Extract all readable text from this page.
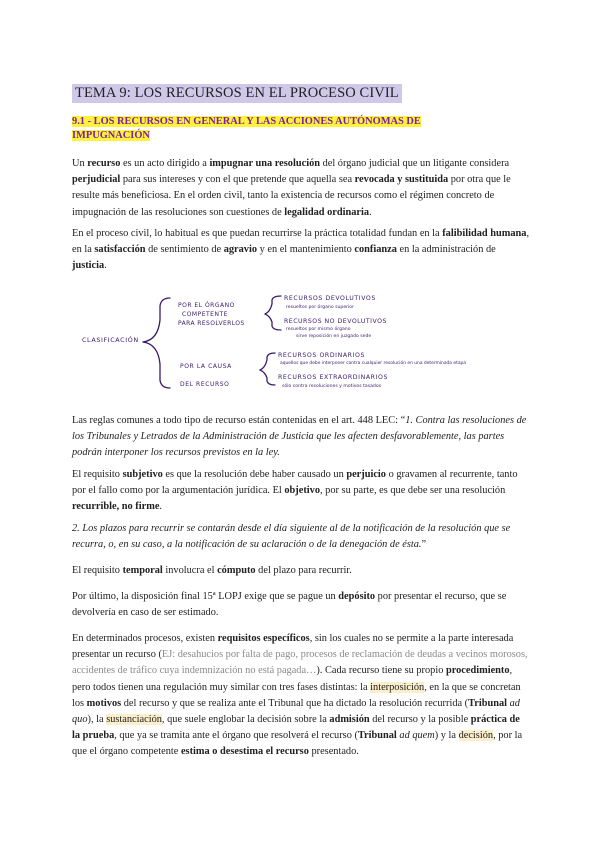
TEMA 9: LOS RECURSOS EN EL PROCESO CIVIL
9.1 - LOS RECURSOS EN GENERAL Y LAS ACCIONES AUTÓNOMAS DE IMPUGNACIÓN

Un recurso es un acto dirigido a impugnar una resolución del órgano judicial que un litigante considera perjudicial para sus intereses y con el que pretende que aquella sea revocada y sustituida por otra que le resulte más beneficiosa. En el orden civil, tanto la existencia de recursos como el régimen concreto de impugnación de las resoluciones son cuestiones de legalidad ordinaria.

En el proceso civil, lo habitual es que puedan recurrirse la práctica totalidad fundan en la falibilidad humana, en la satisfacción de sentimiento de agravio y en el mantenimiento confianza en la administración de justicia.

CLASIFICACIÓN
POR EL ÓRGANO
COMPETENTE
PARA RESOLVERLOS
RECURSOS DEVOLUTIVOS
resueltos por órgano superior
RECURSOS NO DEVOLUTIVOS
resueltos por mismo órgano
sirve reposición en juzgado sede
POR LA CAUSA
DEL RECURSO
RECURSOS ORDINARIOS
aquellos que debe interponer contra cualquier resolución en una determinada etapa
RECURSOS EXTRAORDINARIOS
sólo contra resoluciones y motivos tasados

Las reglas comunes a todo tipo de recurso están contenidas en el art. 448 LEC: “1. Contra las resoluciones de los Tribunales y Letrados de la Administración de Justicia que les afecten desfavorablemente, las partes podrán interponer los recursos previstos en la ley.

El requisito subjetivo es que la resolución debe haber causado un perjuicio o gravamen al recurrente, tanto por el fallo como por la argumentación jurídica. El objetivo, por su parte, es que debe ser una resolución recurrible, no firme.

2. Los plazos para recurrir se contarán desde el día siguiente al de la notificación de la resolución que se recurra, o, en su caso, a la notificación de su aclaración o de la denegación de ésta.”

El requisito temporal involucra el cómputo del plazo para recurrir.

Por último, la disposición final 15ª LOPJ exige que se pague un depósito por presentar el recurso, que se devolvería en caso de ser estimado.

En determinados procesos, existen requisitos específicos, sin los cuales no se permite a la parte interesada presentar un recurso (EJ: desahucios por falta de pago, procesos de reclamación de deudas a vecinos morosos, accidentes de tráfico cuya indemnización no está pagada…). Cada recurso tiene su propio procedimiento, pero todos tienen una regulación muy similar con tres fases distintas: la interposición, en la que se concretan los motivos del recurso y que se realiza ante el Tribunal que ha dictado la resolución recurrida (Tribunal ad quo), la sustanciación, que suele englobar la decisión sobre la admisión del recurso y la posible práctica de la prueba, que ya se tramita ante el órgano que resolverá el recurso (Tribunal ad quem) y la decisión, por la que el órgano competente estima o desestima el recurso presentado.
